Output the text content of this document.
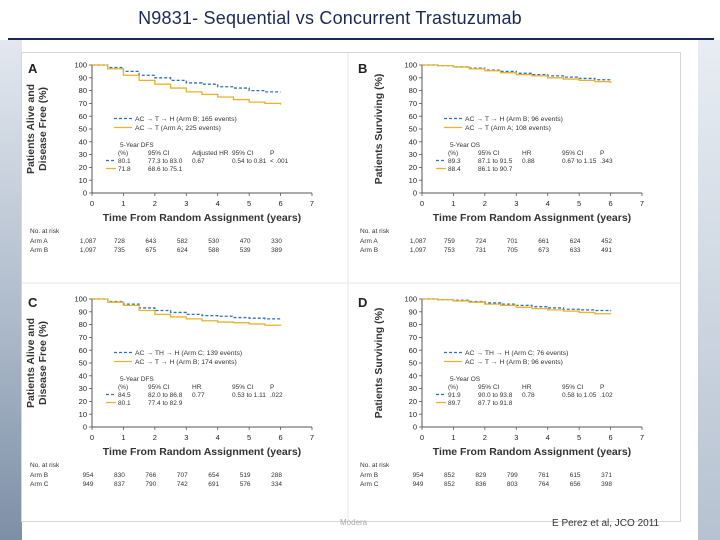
N9831- Sequential vs Concurrent Trastuzumab
A
0
10
20
30
40
50
60
70
80
90
100
0	1	2	3	4	5	6	7
Time From Random Assignment (years)
Patients Alive and Disease Free (%)	AC → T → H (Arm B; 165 events)
AC → T (Arm A; 225 events)
5-Year DFS
(%)	95% CI	Adjusted HR 95% CI	P
80.1	77.3 to 83.0 0.67	0.54 to 0.81 < .001
71.8	68.6 to 75.1
No. at risk
Arm A	1,087	728	643	582	530	470	330
Arm B	1,097	735	675	624	588	539	389
B
0
10
20
30
40
50
60
70
80
90
100
0	1	2	3	4	5	6	7
Time From Random Assignment (years)
Patients Surviving (%)	AC → T → H (Arm B; 96 events)
AC → T (Arm A; 108 events)
5-Year OS
(%)	95% CI	HR	95% CI	P
89.3	87.1 to 91.5 0.88	0.67 to 1.15 .343
88.4	86.1 to 90.7
No. at risk
Arm A	1,087	759	724	701	661	624	452
Arm B	1,097	753	731	705	673	633	491
C
0
10
20
30
40
50
60
70
80
90
100
0	1	2	3	4	5	6	7
Time From Random Assignment (years)
Patients Alive and Disease Free (%)	AC → TH → H (Arm C; 139 events)
AC → T → H (Arm B; 174 events)
5-Year DFS
(%)	95% CI	HR	95% CI	P
84.5	82.0 to 86.8 0.77	0.53 to 1.11 .022
80.1	77.4 to 82.9
No. at risk
Arm B	954	830	766	707	654	519	288
Arm C	949	837	790	742	691	576	334
D
0
10
20
30
40
50
60
70
80
90
100
0	1	2	3	4	5	6	7
Time From Random Assignment (years)
Patients Surviving (%)	AC → TH → H (Arm C; 76 events)
AC → T → H (Arm B; 96 events)
5-Year OS
(%)	95% CI	HR	95% CI	P
91.9	90.0 to 93.8 0.78	0.58 to 1.05 .102
89.7	87.7 to 91.8
No. at risk
Arm B	954	852	829	799	761	615	371
Arm C	949	852	836	803	764	656	398
Modera	E Perez et al, JCO 2011
